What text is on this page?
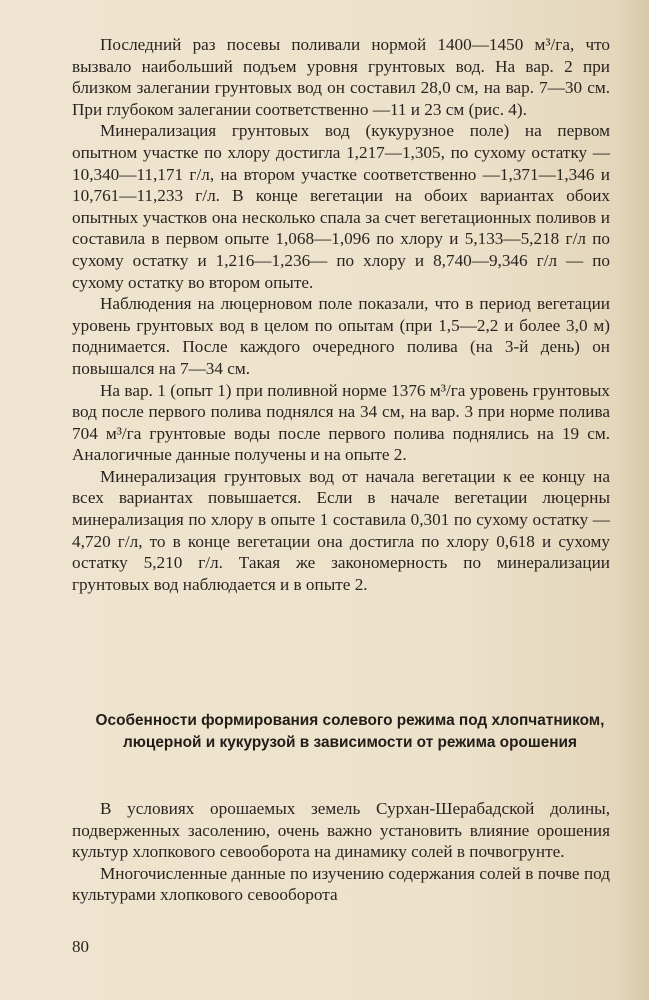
Последний раз посевы поливали нормой 1400—1450 м³/га, что вызвало наибольший подъем уровня грунтовых вод. На вар. 2 при близком залегании грунтовых вод он составил 28,0 см, на вар. 7—30 см. При глубоком залегании соответственно —11 и 23 см (рис. 4).

Минерализация грунтовых вод (кукурузное поле) на первом опытном участке по хлору достигла 1,217—1,305, по сухому остатку —10,340—11,171 г/л, на втором участке соответственно —1,371—1,346 и 10,761—11,233 г/л. В конце вегетации на обоих вариантах обоих опытных участков она несколько спала за счет вегетационных поливов и составила в первом опыте 1,068—1,096 по хлору и 5,133—5,218 г/л по сухому остатку и 1,216—1,236— по хлору и 8,740—9,346 г/л — по сухому остатку во втором опыте.

Наблюдения на люцерновом поле показали, что в период вегетации уровень грунтовых вод в целом по опытам (при 1,5—2,2 и более 3,0 м) поднимается. После каждого очередного полива (на 3-й день) он повышался на 7—34 см.

На вар. 1 (опыт 1) при поливной норме 1376 м³/га уровень грунтовых вод после первого полива поднялся на 34 см, на вар. 3 при норме полива 704 м³/га грунтовые воды после первого полива поднялись на 19 см. Аналогичные данные получены и на опыте 2.

Минерализация грунтовых вод от начала вегетации к ее концу на всех вариантах повышается. Если в начале вегетации люцерны минерализация по хлору в опыте 1 составила 0,301 по сухому остатку —4,720 г/л, то в конце вегетации она достигла по хлору 0,618 и сухому остатку 5,210 г/л. Такая же закономерность по минерализации грунтовых вод наблюдается и в опыте 2.

Особенности формирования солевого режима под хлопчатником, люцерной и кукурузой в зависимости от режима орошения

В условиях орошаемых земель Сурхан-Шерабадской долины, подверженных засолению, очень важно установить влияние орошения культур хлопкового севооборота на динамику солей в почвогрунте.

Многочисленные данные по изучению содержания солей в почве под культурами хлопкового севооборота

80
